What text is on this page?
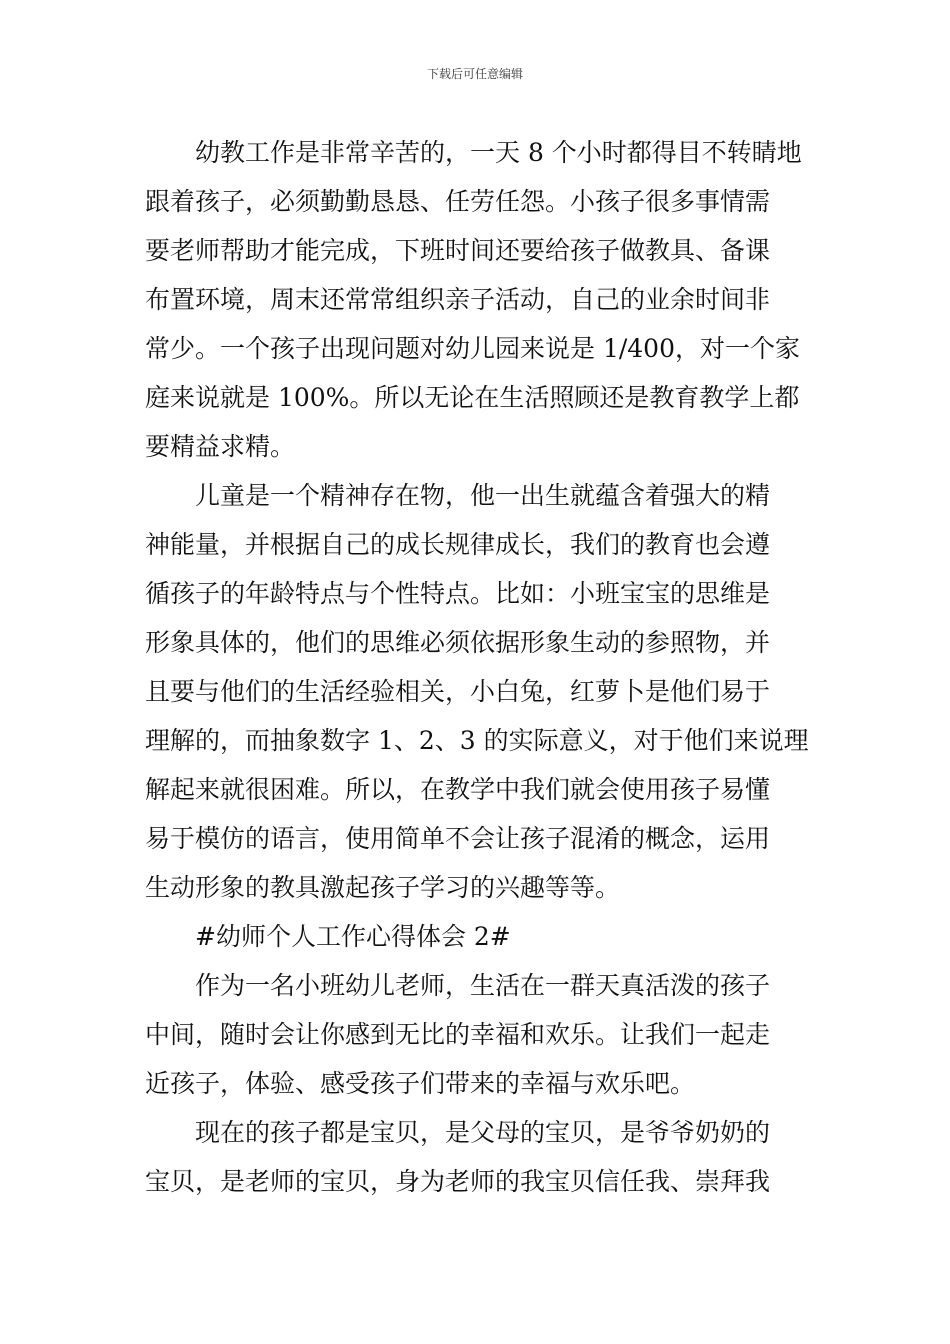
下载后可任意编辑
幼教工作是非常辛苦的，一天 8 个小时都得目不转睛地
跟着孩子，必须勤勤恳恳、任劳任怨。小孩子很多事情需
要老师帮助才能完成，下班时间还要给孩子做教具、备课
布置环境，周末还常常组织亲子活动，自己的业余时间非
常少。一个孩子出现问题对幼儿园来说是 1/400，对一个家
庭来说就是 100%。所以无论在生活照顾还是教育教学上都
要精益求精。
儿童是一个精神存在物，他一出生就蕴含着强大的精
神能量，并根据自己的成长规律成长，我们的教育也会遵
循孩子的年龄特点与个性特点。比如：小班宝宝的思维是
形象具体的，他们的思维必须依据形象生动的参照物，并
且要与他们的生活经验相关，小白兔，红萝卜是他们易于
理解的，而抽象数字 1、2、3 的实际意义，对于他们来说理
解起来就很困难。所以，在教学中我们就会使用孩子易懂
易于模仿的语言，使用简单不会让孩子混淆的概念，运用
生动形象的教具激起孩子学习的兴趣等等。
#幼师个人工作心得体会 2#
作为一名小班幼儿老师，生活在一群天真活泼的孩子
中间，随时会让你感到无比的幸福和欢乐。让我们一起走
近孩子，体验、感受孩子们带来的幸福与欢乐吧。
现在的孩子都是宝贝，是父母的宝贝，是爷爷奶奶的
宝贝，是老师的宝贝，身为老师的我宝贝信任我、崇拜我
